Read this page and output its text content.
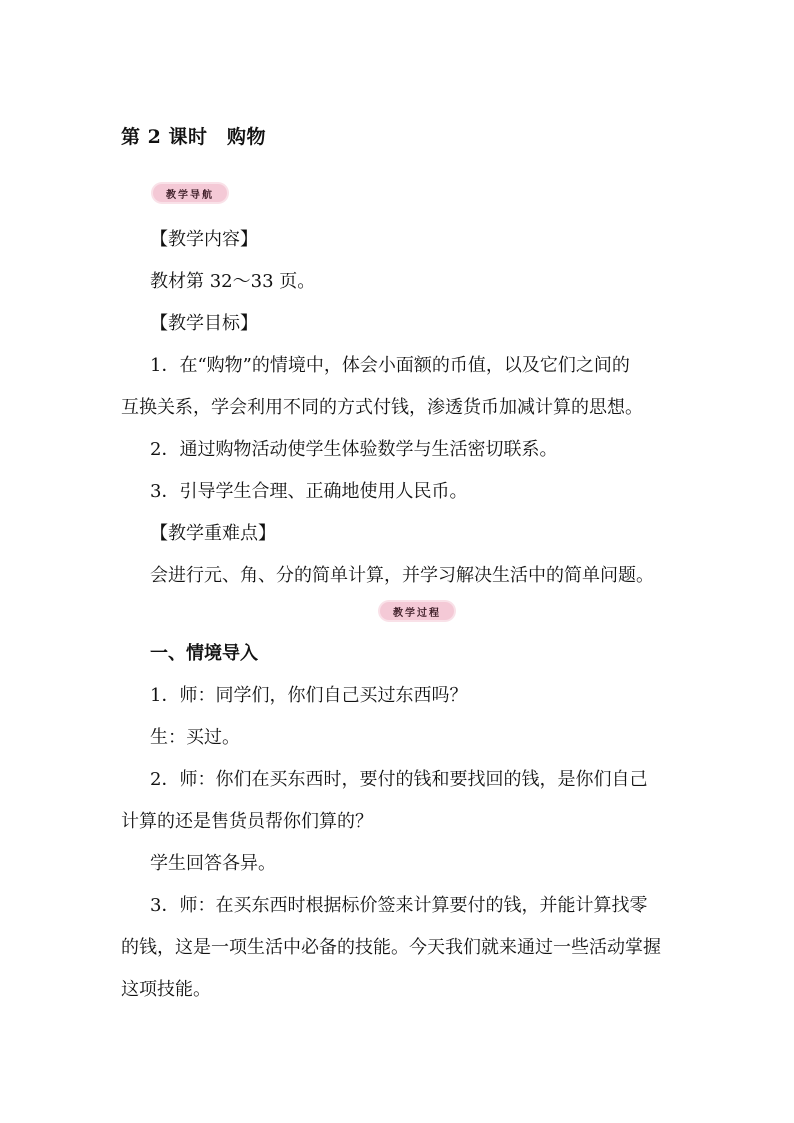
第 2 课时　购物
教学导航
【教学内容】
教材第 32～33 页。
【教学目标】
1．在“购物”的情境中，体会小面额的币值，以及它们之间的
互换关系，学会利用不同的方式付钱，渗透货币加减计算的思想。
2．通过购物活动使学生体验数学与生活密切联系。
3．引导学生合理、正确地使用人民币。
【教学重难点】
会进行元、角、分的简单计算，并学习解决生活中的简单问题。
教学过程
一、情境导入
1．师：同学们，你们自己买过东西吗？
生：买过。
2．师：你们在买东西时，要付的钱和要找回的钱，是你们自己
计算的还是售货员帮你们算的？
学生回答各异。
3．师：在买东西时根据标价签来计算要付的钱，并能计算找零
的钱，这是一项生活中必备的技能。今天我们就来通过一些活动掌握
这项技能。
